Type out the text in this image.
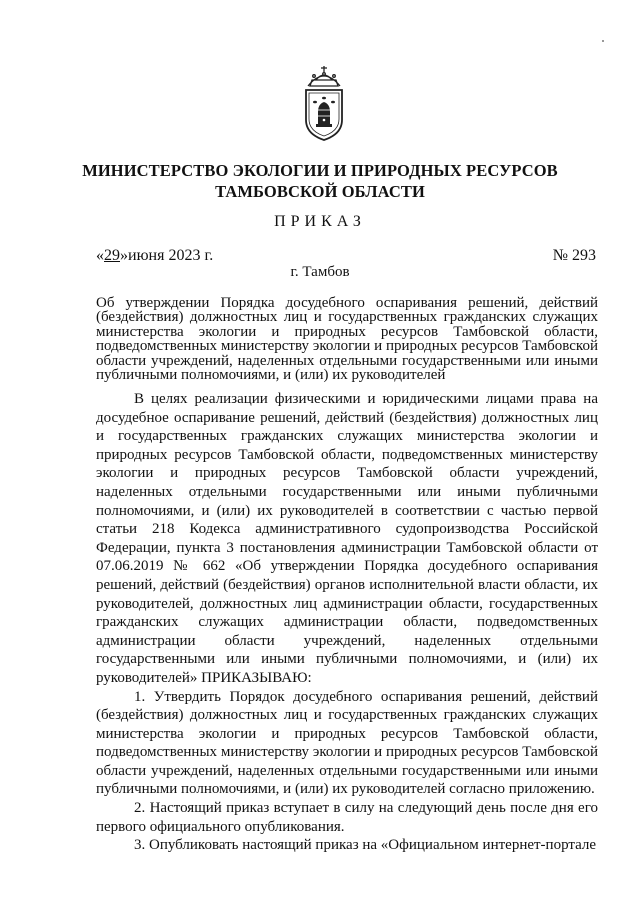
МИНИСТЕРСТВО ЭКОЛОГИИ И ПРИРОДНЫХ РЕСУРСОВ
ТАМБОВСКОЙ ОБЛАСТИ
ПРИКАЗ
«29»июня 2023 г.	№ 293
г. Тамбов
Об утверждении Порядка досудебного оспаривания решений, действий (бездействия) должностных лиц и государственных гражданских служащих министерства экологии и природных ресурсов Тамбовской области, подведомственных министерству экологии и природных ресурсов Тамбовской области учреждений, наделенных отдельными государственными или иными публичными полномочиями, и (или) их руководителей

В целях реализации физическими и юридическими лицами права на досудебное оспаривание решений, действий (бездействия) должностных лиц и государственных гражданских служащих министерства экологии и природных ресурсов Тамбовской области, подведомственных министерству экологии и природных ресурсов Тамбовской области учреждений, наделенных отдельными государственными или иными публичными полномочиями, и (или) их руководителей в соответствии с частью первой статьи 218 Кодекса административного судопроизводства Российской Федерации, пункта 3 постановления администрации Тамбовской области от 07.06.2019 № 662 «Об утверждении Порядка досудебного оспаривания решений, действий (бездействия) органов исполнительной власти области, их руководителей, должностных лиц администрации области, государственных гражданских служащих администрации области, подведомственных администрации области учреждений, наделенных отдельными государственными или иными публичными полномочиями, и (или) их руководителей» ПРИКАЗЫВАЮ:

1. Утвердить Порядок досудебного оспаривания решений, действий (бездействия) должностных лиц и государственных гражданских служащих министерства экологии и природных ресурсов Тамбовской области, подведомственных министерству экологии и природных ресурсов Тамбовской области учреждений, наделенных отдельными государственными или иными публичными полномочиями, и (или) их руководителей согласно приложению.

2. Настоящий приказ вступает в силу на следующий день после дня его первого официального опубликования.

3. Опубликовать настоящий приказ на «Официальном интернет-портале
